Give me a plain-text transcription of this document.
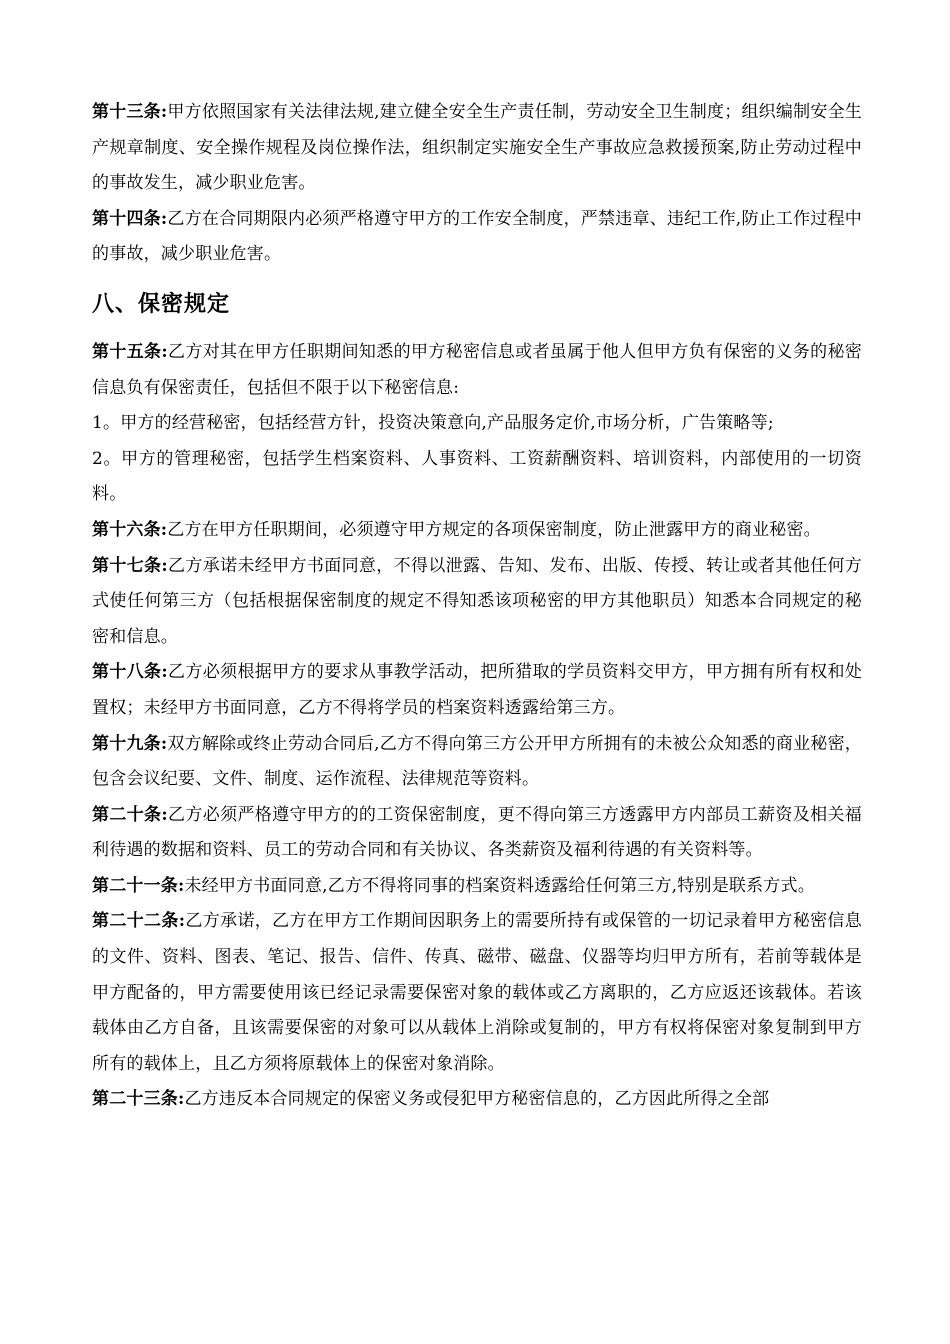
第十三条:甲方依照国家有关法律法规,建立健全安全生产责任制，劳动安全卫生制度；组织编制安全生产规章制度、安全操作规程及岗位操作法，组织制定实施安全生产事故应急救援预案,防止劳动过程中的事故发生，减少职业危害。

第十四条:乙方在合同期限内必须严格遵守甲方的工作安全制度，严禁违章、违纪工作,防止工作过程中的事故，减少职业危害。

八、保密规定

第十五条:乙方对其在甲方任职期间知悉的甲方秘密信息或者虽属于他人但甲方负有保密的义务的秘密信息负有保密责任，包括但不限于以下秘密信息:

1。甲方的经营秘密，包括经营方针，投资决策意向,产品服务定价,市场分析，广告策略等;

2。甲方的管理秘密，包括学生档案资料、人事资料、工资薪酬资料、培训资料，内部使用的一切资料。

第十六条:乙方在甲方任职期间，必须遵守甲方规定的各项保密制度，防止泄露甲方的商业秘密。

第十七条:乙方承诺未经甲方书面同意，不得以泄露、告知、发布、出版、传授、转让或者其他任何方式使任何第三方（包括根据保密制度的规定不得知悉该项秘密的甲方其他职员）知悉本合同规定的秘密和信息。

第十八条:乙方必须根据甲方的要求从事教学活动，把所猎取的学员资料交甲方，甲方拥有所有权和处置权；未经甲方书面同意，乙方不得将学员的档案资料透露给第三方。

第十九条:双方解除或终止劳动合同后,乙方不得向第三方公开甲方所拥有的未被公众知悉的商业秘密，包含会议纪要、文件、制度、运作流程、法律规范等资料。

第二十条:乙方必须严格遵守甲方的的工资保密制度，更不得向第三方透露甲方内部员工薪资及相关福利待遇的数据和资料、员工的劳动合同和有关协议、各类薪资及福利待遇的有关资料等。

第二十一条:未经甲方书面同意,乙方不得将同事的档案资料透露给任何第三方,特别是联系方式。

第二十二条:乙方承诺，乙方在甲方工作期间因职务上的需要所持有或保管的一切记录着甲方秘密信息的文件、资料、图表、笔记、报告、信件、传真、磁带、磁盘、仪器等均归甲方所有，若前等载体是甲方配备的，甲方需要使用该已经记录需要保密对象的载体或乙方离职的，乙方应返还该载体。若该载体由乙方自备，且该需要保密的对象可以从载体上消除或复制的，甲方有权将保密对象复制到甲方所有的载体上，且乙方须将原载体上的保密对象消除。

第二十三条:乙方违反本合同规定的保密义务或侵犯甲方秘密信息的，乙方因此所得之全部
